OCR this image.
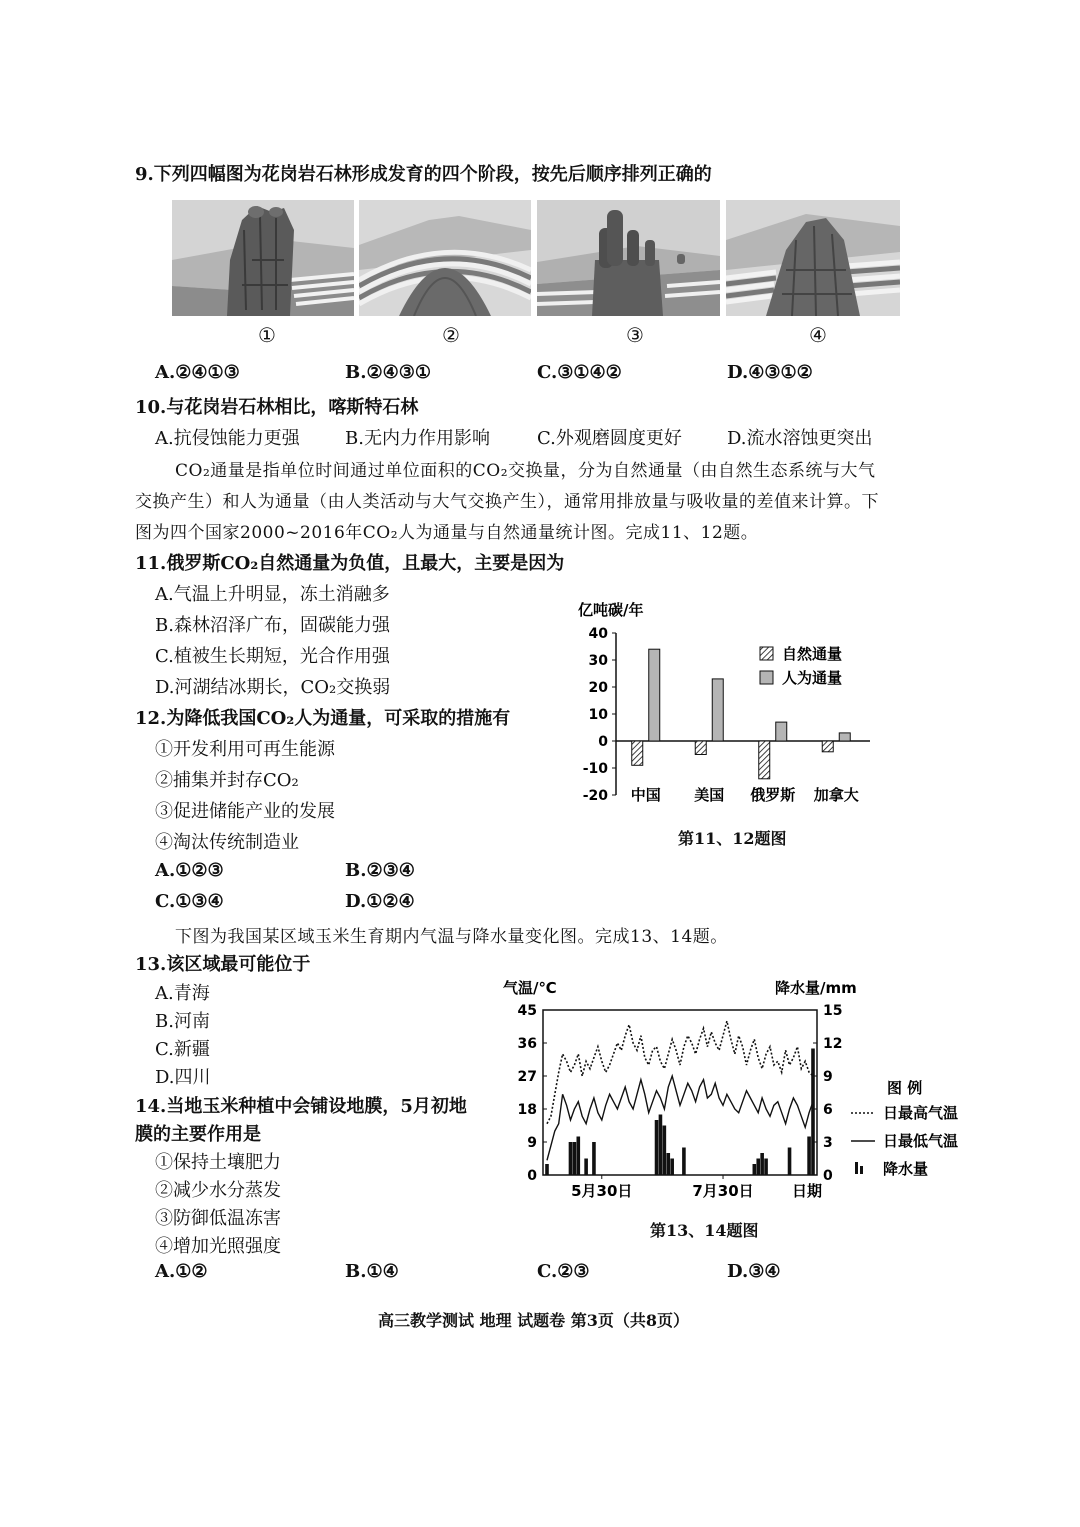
9.下列四幅图为花岗岩石林形成发育的四个阶段，按先后顺序排列正确的
①	②	③	④
A.②④①③	B.②④③①	C.③①④②	D.④③①②
10.与花岗岩石林相比，喀斯特石林
A.抗侵蚀能力更强	B.无内力作用影响	C.外观磨圆度更好	D.流水溶蚀更突出
CO₂通量是指单位时间通过单位面积的CO₂交换量，分为自然通量（由自然生态系统与大气
交换产生）和人为通量（由人类活动与大气交换产生），通常用排放量与吸收量的差值来计算。下
图为四个国家2000~2016年CO₂人为通量与自然通量统计图。完成11、12题。
11.俄罗斯CO₂自然通量为负值，且最大，主要是因为
A.气温上升明显，冻土消融多
B.森林沼泽广布，固碳能力强
C.植被生长期短，光合作用强
D.河湖结冰期长，CO₂交换弱
12.为降低我国CO₂人为通量，可采取的措施有
①开发利用可再生能源
②捕集并封存CO₂
③促进储能产业的发展
④淘汰传统制造业
A.①②③	B.②③④
C.①③④	D.①②④
亿吨碳/年
40
30
20
10
0
-10
-20 中国 美国 俄罗斯 加拿大
自然通量
人为通量
第11、12题图
下图为我国某区域玉米生育期内气温与降水量变化图。完成13、14题。
13.该区域最可能位于
A.青海
B.河南
C.新疆
D.四川
14.当地玉米种植中会铺设地膜，5月初地
膜的主要作用是
①保持土壤肥力
②减少水分蒸发
③防御低温冻害
④增加光照强度
A.①②	B.①④	C.②③	D.③④
气温/℃	降水量/mm
45
36
27
18
9
0
15
12
9
6
3
0
5月30日	7月30日	日期
图 例
日最高气温
日最低气温
降水量
第13、14题图
高三教学测试 地理 试题卷 第3页（共8页）
